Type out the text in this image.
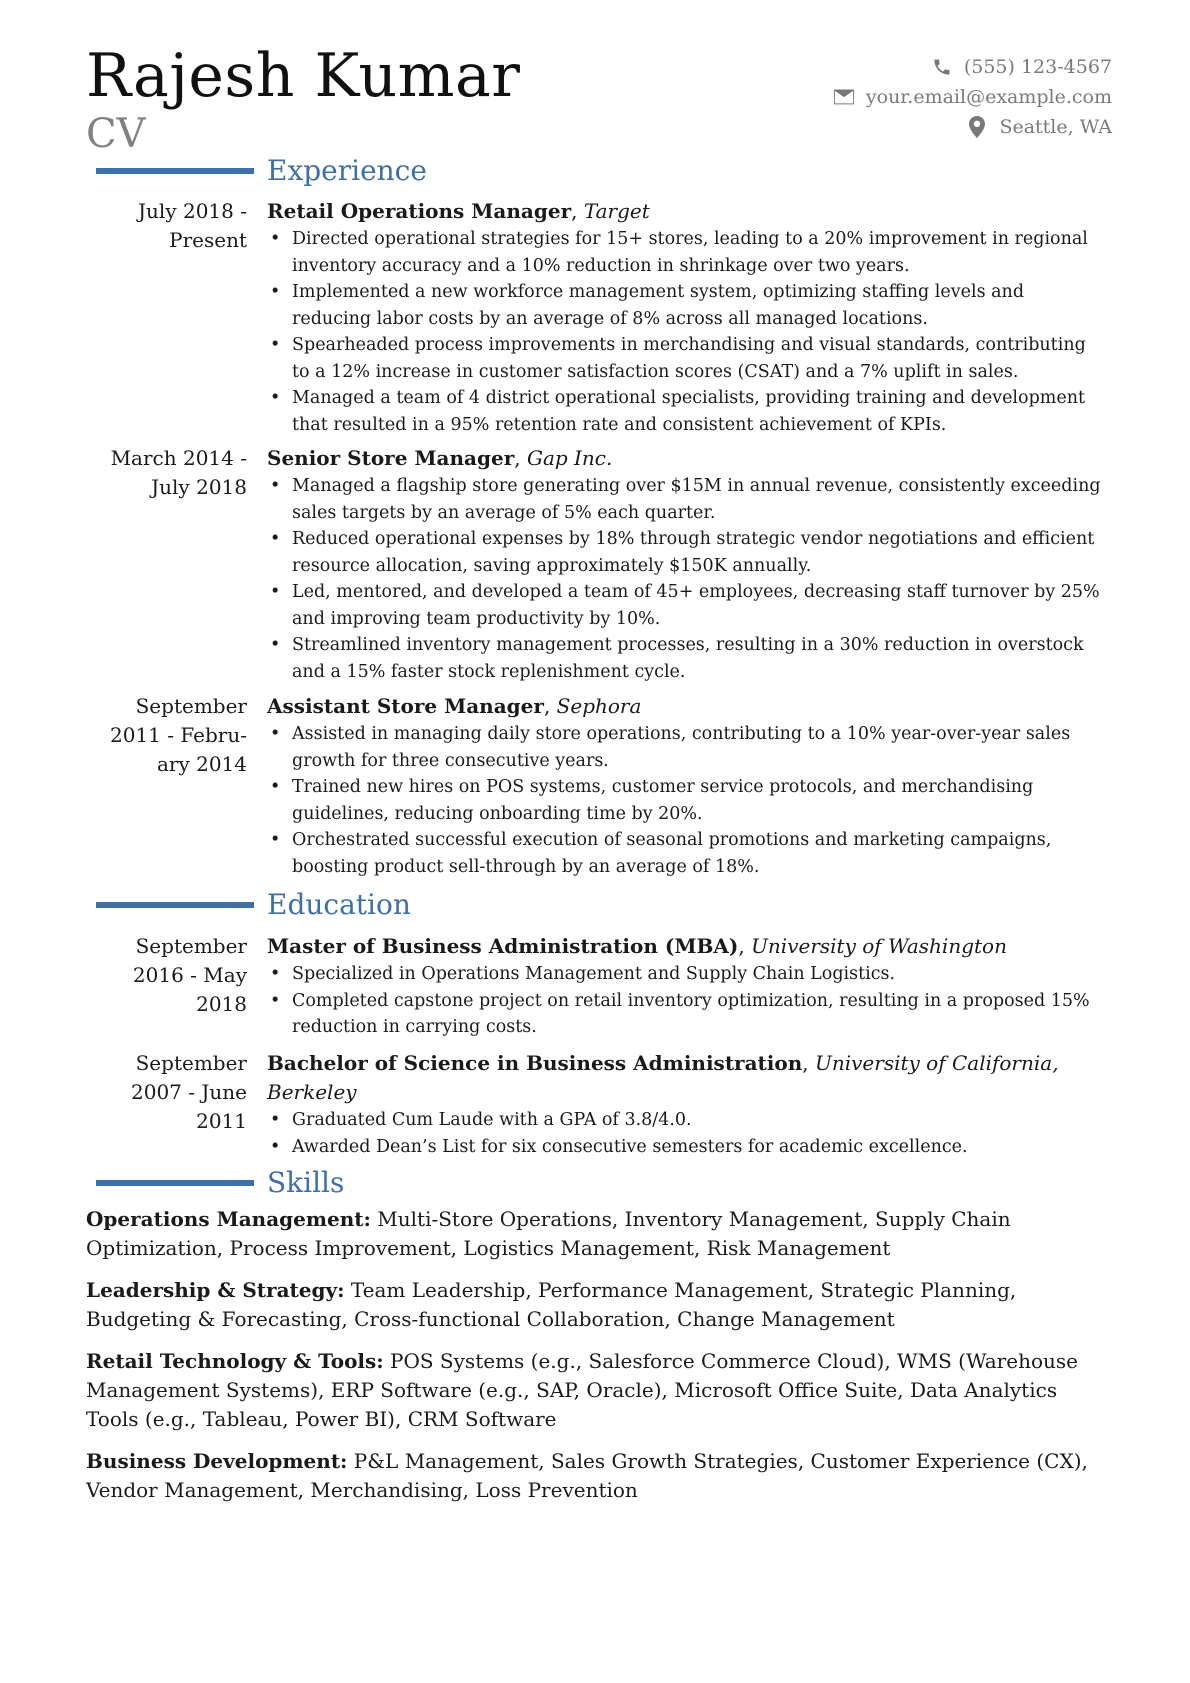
Rajesh Kumar
CV
(555) 123-4567
your.email@example.com
Seattle, WA
Experience
July 2018 -
Present
Retail Operations Manager, Target
• Directed operational strategies for 15+ stores, leading to a 20% improvement in regional inventory accuracy and a 10% reduction in shrinkage over two years.
• Implemented a new workforce management system, optimizing staffing levels and reducing labor costs by an average of 8% across all managed locations.
• Spearheaded process improvements in merchandising and visual standards, contributing to a 12% increase in customer satisfaction scores (CSAT) and a 7% uplift in sales.
• Managed a team of 4 district operational specialists, providing training and development that resulted in a 95% retention rate and consistent achievement of KPIs.
March 2014 -
July 2018
Senior Store Manager, Gap Inc.
• Managed a flagship store generating over $15M in annual revenue, consistently exceeding sales targets by an average of 5% each quarter.
• Reduced operational expenses by 18% through strategic vendor negotiations and efficient resource allocation, saving approximately $150K annually.
• Led, mentored, and developed a team of 45+ employees, decreasing staff turnover by 25% and improving team productivity by 10%.
• Streamlined inventory management processes, resulting in a 30% reduction in overstock and a 15% faster stock replenishment cycle.
September
2011 - Febru-
ary 2014
Assistant Store Manager, Sephora
• Assisted in managing daily store operations, contributing to a 10% year-over-year sales growth for three consecutive years.
• Trained new hires on POS systems, customer service protocols, and merchandising guidelines, reducing onboarding time by 20%.
• Orchestrated successful execution of seasonal promotions and marketing campaigns, boosting product sell-through by an average of 18%.
Education
September
2016 - May
2018
Master of Business Administration (MBA), University of Washington
• Specialized in Operations Management and Supply Chain Logistics.
• Completed capstone project on retail inventory optimization, resulting in a proposed 15% reduction in carrying costs.
September
2007 - June
2011
Bachelor of Science in Business Administration, University of California, Berkeley
• Graduated Cum Laude with a GPA of 3.8/4.0.
• Awarded Dean’s List for six consecutive semesters for academic excellence.
Skills
Operations Management: Multi-Store Operations, Inventory Management, Supply Chain Optimization, Process Improvement, Logistics Management, Risk Management
Leadership & Strategy: Team Leadership, Performance Management, Strategic Planning, Budgeting & Forecasting, Cross-functional Collaboration, Change Management
Retail Technology & Tools: POS Systems (e.g., Salesforce Commerce Cloud), WMS (Warehouse Management Systems), ERP Software (e.g., SAP, Oracle), Microsoft Office Suite, Data Analytics Tools (e.g., Tableau, Power BI), CRM Software
Business Development: P&L Management, Sales Growth Strategies, Customer Experience (CX), Vendor Management, Merchandising, Loss Prevention
